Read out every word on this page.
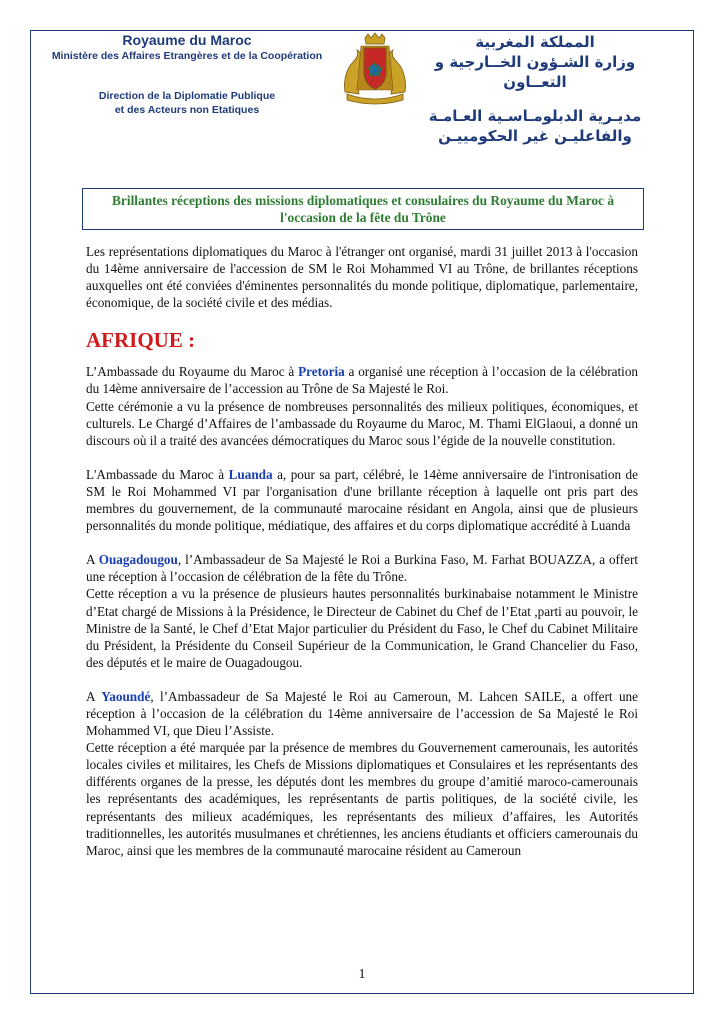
Royaume du Maroc
Ministère des Affaires Etrangères et de la Coopération
Direction de la Diplomatie Publique
et des Acteurs non Etatiques
المملكة المغربية
وزارة الشـؤون الخــارجية و التعــاون
مديـرية الدبلومـاسـية العـامـة
والفاعليـن غير الحكومييـن
Brillantes réceptions des missions diplomatiques et consulaires du Royaume du Maroc à l'occasion de la fête du Trône

Les représentations diplomatiques du Maroc à l'étranger ont organisé, mardi 31 juillet 2013 à l'occasion du 14ème anniversaire de l'accession de SM le Roi Mohammed VI au Trône, de brillantes réceptions auxquelles ont été conviées d'éminentes personnalités du monde politique, diplomatique, parlementaire, économique, de la société civile et des médias.

AFRIQUE :

L’Ambassade du Royaume du Maroc à Pretoria a organisé une réception à l’occasion de la célébration du 14ème anniversaire de l’accession au Trône de Sa Majesté le Roi.

Cette cérémonie a vu la présence de nombreuses personnalités des milieux politiques, économiques, et culturels. Le Chargé d’Affaires de l’ambassade du Royaume du Maroc, M. Thami ElGlaoui, a donné un discours où il a traité des avancées démocratiques du Maroc sous l’égide de la nouvelle constitution.

L'Ambassade du Maroc à Luanda a, pour sa part, célébré, le 14ème anniversaire de l'intronisation de SM le Roi Mohammed VI par l'organisation d'une brillante réception à laquelle ont pris part des membres du gouvernement, de la communauté marocaine résidant en Angola, ainsi que de plusieurs personnalités du monde politique, médiatique, des affaires et du corps diplomatique accrédité à Luanda

A Ouagadougou, l’Ambassadeur de Sa Majesté le Roi a Burkina Faso, M. Farhat BOUAZZA, a offert une réception à l’occasion de célébration de la fête du Trône.

Cette réception a vu la présence de plusieurs hautes personnalités burkinabaise notamment le Ministre d’Etat chargé de Missions à la Présidence, le Directeur de Cabinet du Chef de l’Etat ,parti au pouvoir, le Ministre de la Santé, le Chef d’Etat Major particulier du Président du Faso, le Chef du Cabinet Militaire du Président, la Présidente du Conseil Supérieur de la Communication, le Grand Chancelier du Faso, des députés et le maire de Ouagadougou.

A Yaoundé, l’Ambassadeur de Sa Majesté le Roi au Cameroun, M. Lahcen SAILE, a offert une réception à l’occasion de la célébration du 14ème anniversaire de l’accession de Sa Majesté le Roi Mohammed VI, que Dieu l’Assiste.

Cette réception a été marquée par la présence de membres du Gouvernement camerounais, les autorités locales civiles et militaires, les Chefs de Missions diplomatiques et Consulaires et les représentants des différents organes de la presse, les députés dont les membres du groupe d’amitié maroco-camerounais les représentants des académiques, les représentants de partis politiques, de la société civile, les représentants des milieux académiques, les représentants des milieux d’affaires, les Autorités traditionnelles, les autorités musulmanes et chrétiennes, les anciens étudiants et officiers camerounais du Maroc, ainsi que les membres de la communauté marocaine résident au Cameroun

1
